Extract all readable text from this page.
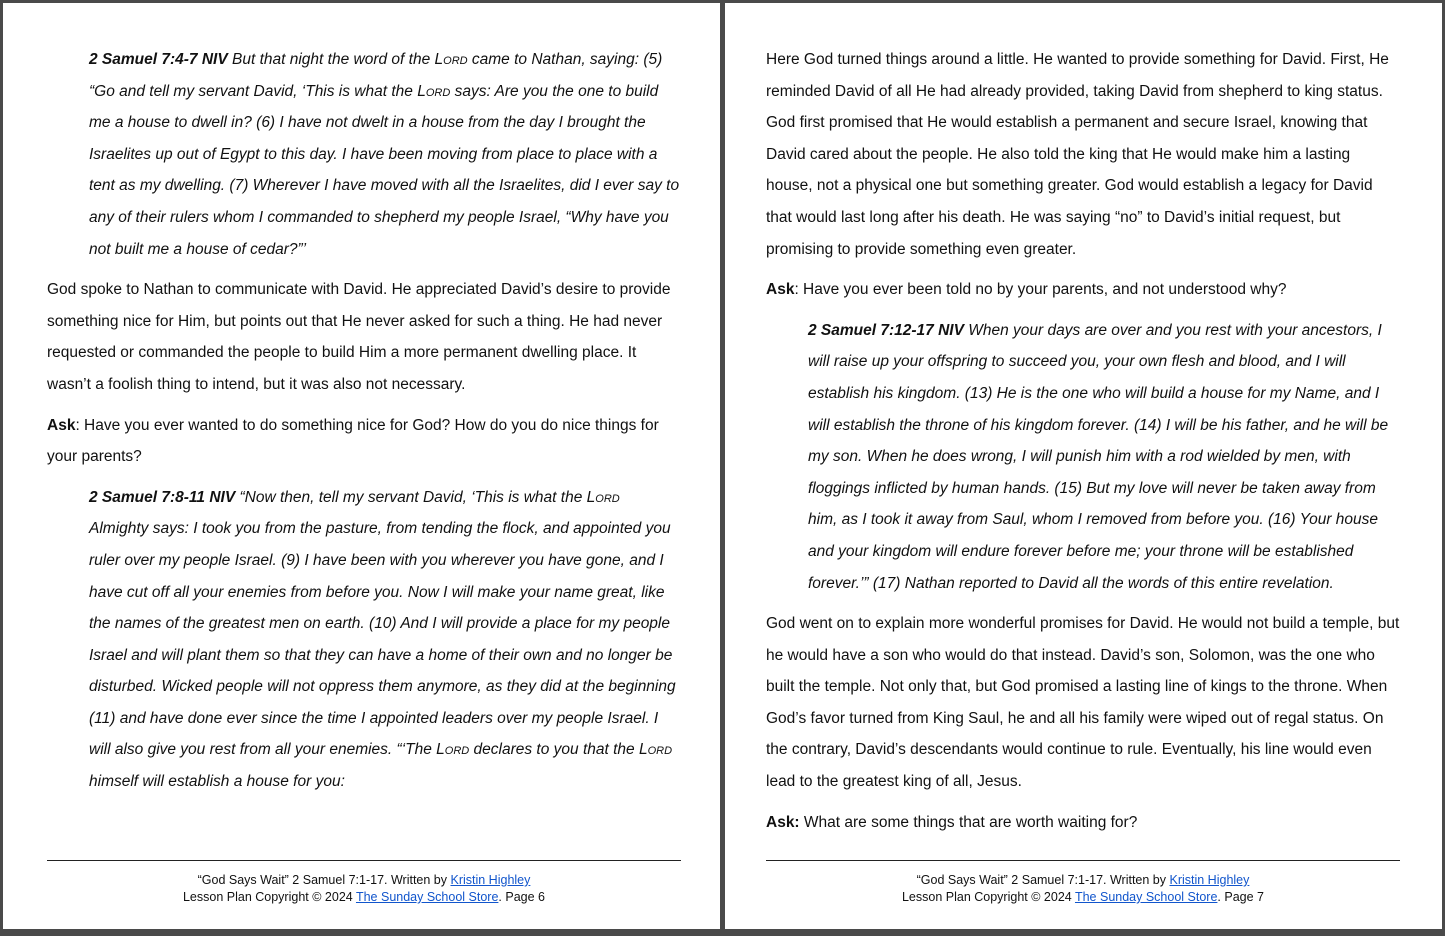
2 Samuel 7:4-7 NIV But that night the word of the Lord came to Nathan, saying: (5) “Go and tell my servant David, ‘This is what the Lord says: Are you the one to build me a house to dwell in? (6) I have not dwelt in a house from the day I brought the Israelites up out of Egypt to this day. I have been moving from place to place with a tent as my dwelling. (7) Wherever I have moved with all the Israelites, did I ever say to any of their rulers whom I commanded to shepherd my people Israel, “Why have you not built me a house of cedar?”’

God spoke to Nathan to communicate with David. He appreciated David’s desire to provide something nice for Him, but points out that He never asked for such a thing. He had never requested or commanded the people to build Him a more permanent dwelling place. It wasn’t a foolish thing to intend, but it was also not necessary.

Ask: Have you ever wanted to do something nice for God? How do you do nice things for your parents?

2 Samuel 7:8-11 NIV “Now then, tell my servant David, ‘This is what the Lord Almighty says: I took you from the pasture, from tending the flock, and appointed you ruler over my people Israel. (9) I have been with you wherever you have gone, and I have cut off all your enemies from before you. Now I will make your name great, like the names of the greatest men on earth. (10) And I will provide a place for my people Israel and will plant them so that they can have a home of their own and no longer be disturbed. Wicked people will not oppress them anymore, as they did at the beginning (11) and have done ever since the time I appointed leaders over my people Israel. I will also give you rest from all your enemies. “‘The Lord declares to you that the Lord himself will establish a house for you:

“God Says Wait” 2 Samuel 7:1-17. Written by Kristin Highley
Lesson Plan Copyright © 2024 The Sunday School Store. Page 6

Here God turned things around a little. He wanted to provide something for David. First, He reminded David of all He had already provided, taking David from shepherd to king status. God first promised that He would establish a permanent and secure Israel, knowing that David cared about the people. He also told the king that He would make him a lasting house, not a physical one but something greater. God would establish a legacy for David that would last long after his death. He was saying “no” to David’s initial request, but promising to provide something even greater.

Ask: Have you ever been told no by your parents, and not understood why?

2 Samuel 7:12-17 NIV When your days are over and you rest with your ancestors, I will raise up your offspring to succeed you, your own flesh and blood, and I will establish his kingdom. (13) He is the one who will build a house for my Name, and I will establish the throne of his kingdom forever. (14) I will be his father, and he will be my son. When he does wrong, I will punish him with a rod wielded by men, with floggings inflicted by human hands. (15) But my love will never be taken away from him, as I took it away from Saul, whom I removed from before you. (16) Your house and your kingdom will endure forever before me; your throne will be established forever.’” (17) Nathan reported to David all the words of this entire revelation.

God went on to explain more wonderful promises for David. He would not build a temple, but he would have a son who would do that instead. David’s son, Solomon, was the one who built the temple. Not only that, but God promised a lasting line of kings to the throne. When God’s favor turned from King Saul, he and all his family were wiped out of regal status. On the contrary, David’s descendants would continue to rule. Eventually, his line would even lead to the greatest king of all, Jesus.

Ask: What are some things that are worth waiting for?

“God Says Wait” 2 Samuel 7:1-17. Written by Kristin Highley
Lesson Plan Copyright © 2024 The Sunday School Store. Page 7
